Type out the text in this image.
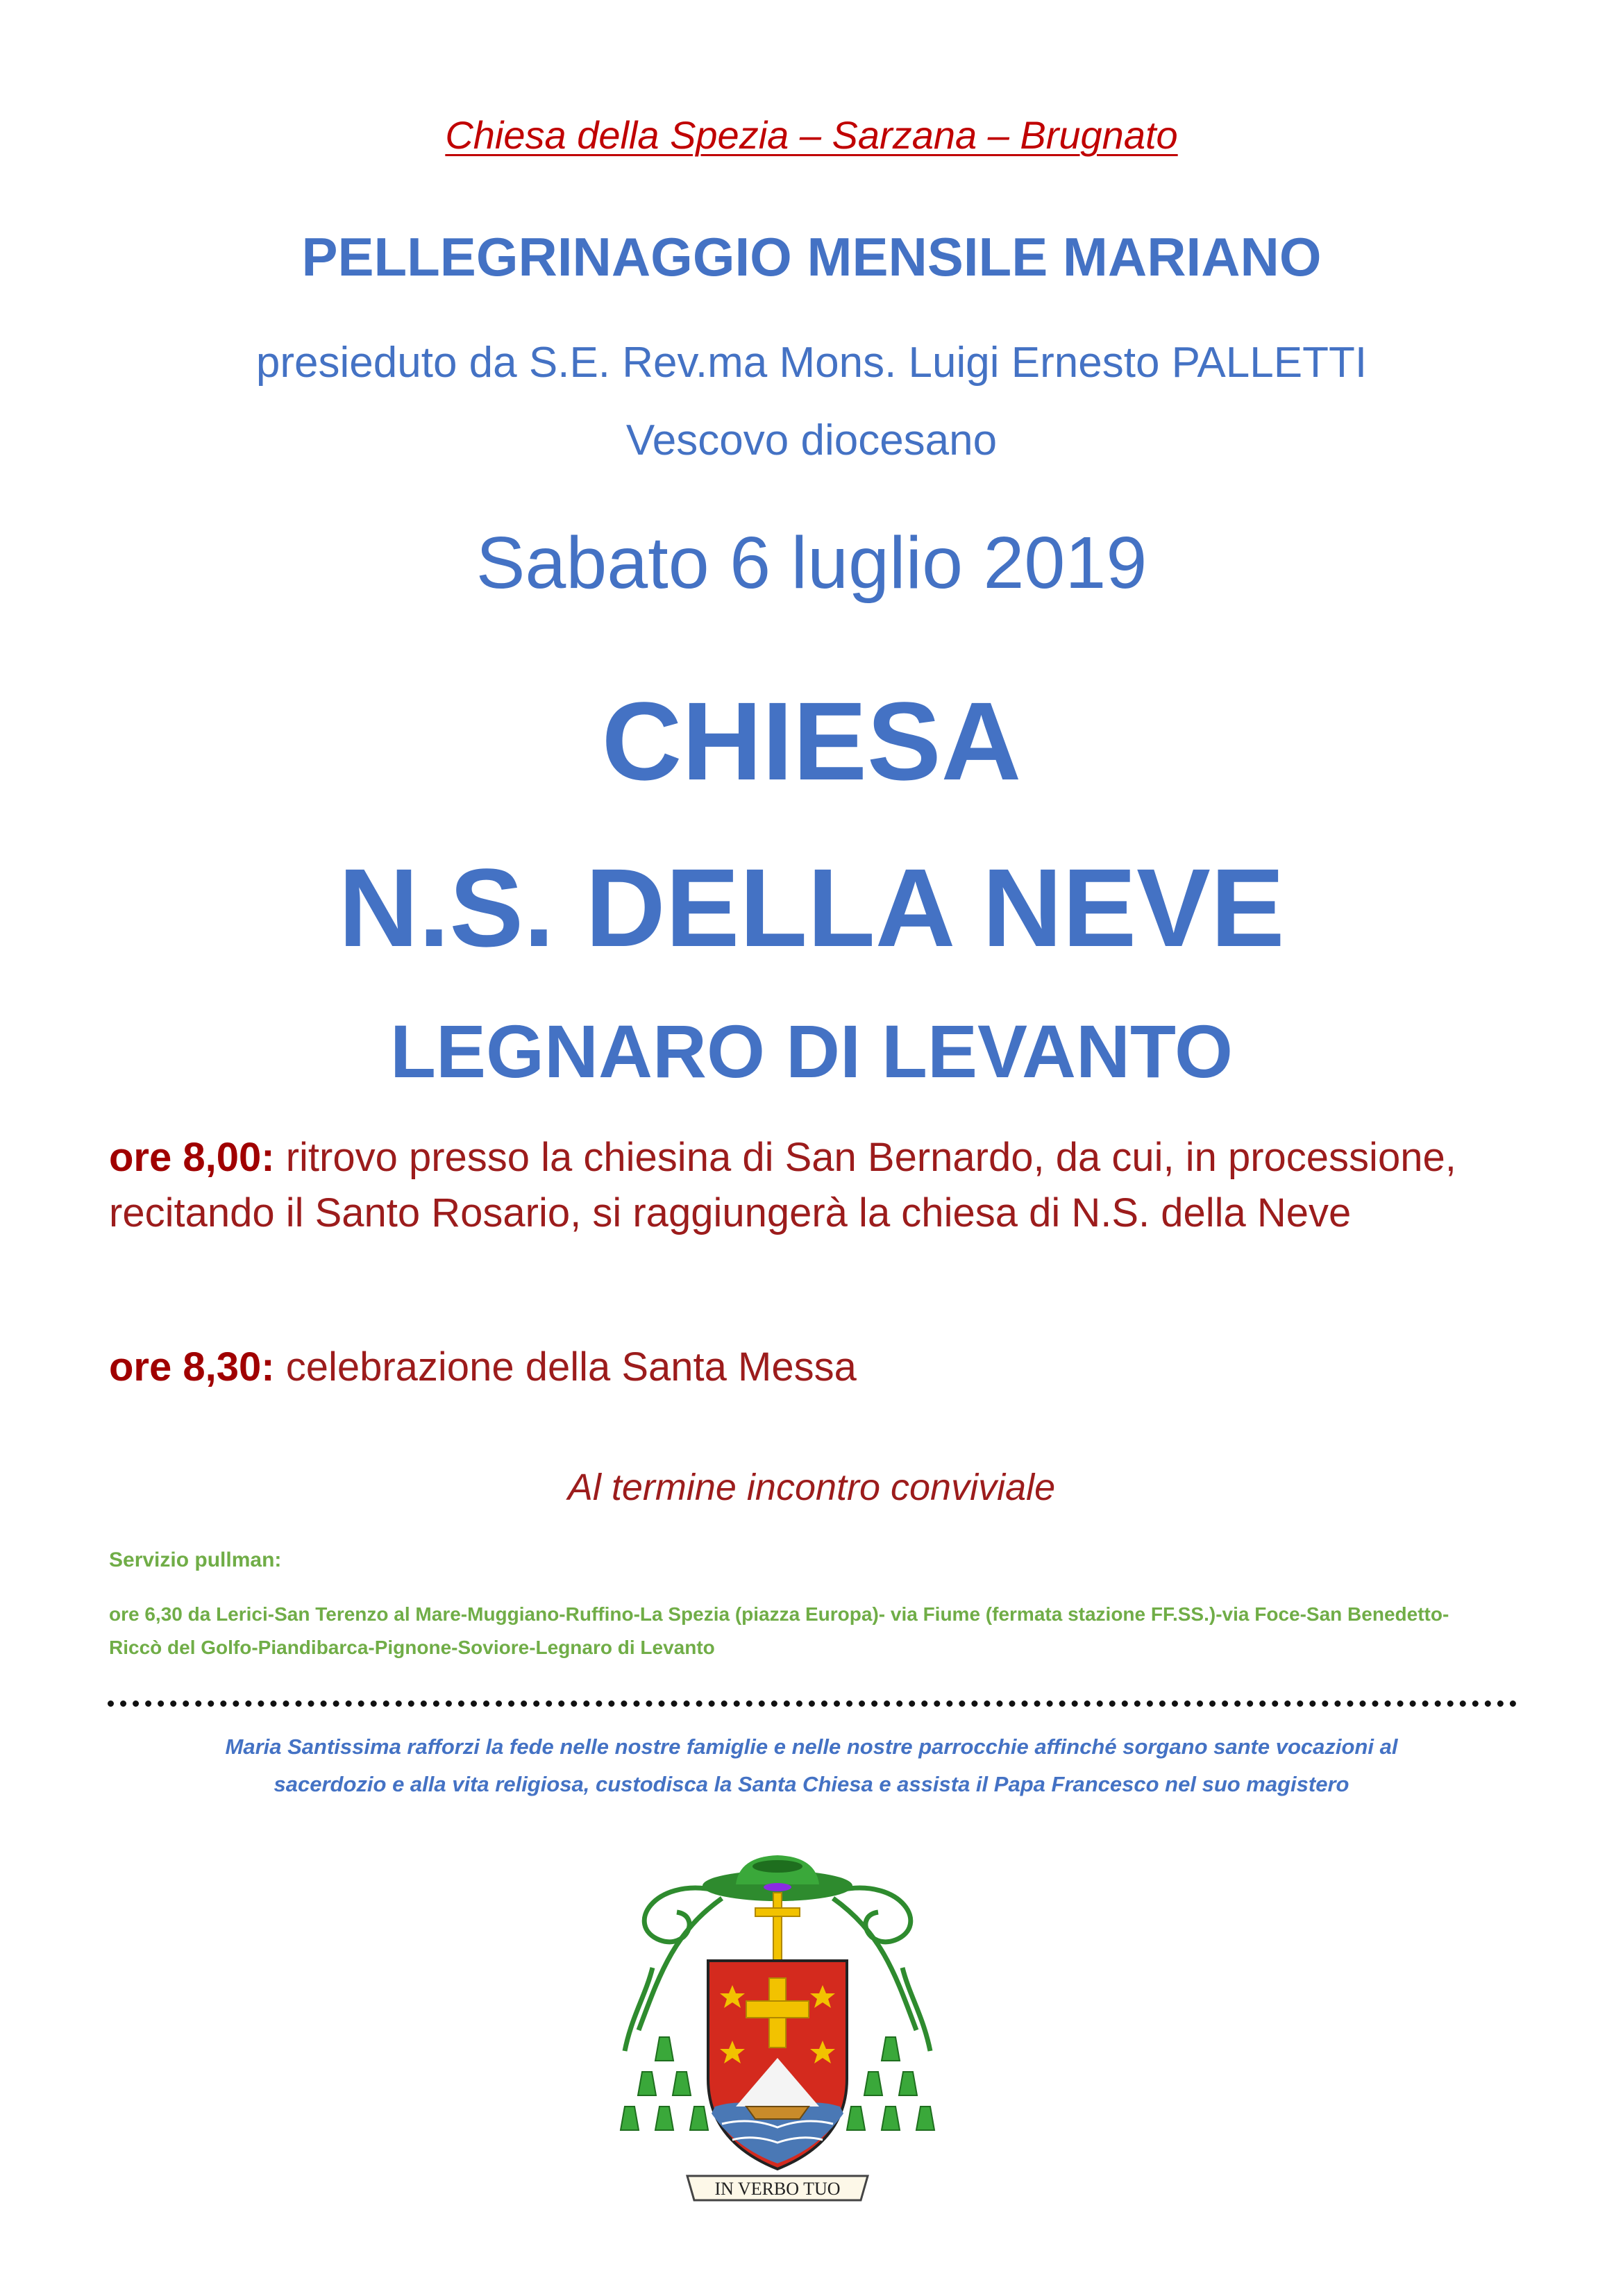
Chiesa della Spezia – Sarzana – Brugnato
PELLEGRINAGGIO MENSILE MARIANO
presieduto da S.E. Rev.ma Mons. Luigi Ernesto PALLETTI
Vescovo diocesano
Sabato 6 luglio 2019
CHIESA
N.S. DELLA NEVE
LEGNARO DI LEVANTO
ore 8,00: ritrovo presso la chiesina di San Bernardo, da cui, in processione,
recitando il Santo Rosario, si raggiungerà la chiesa di N.S. della Neve
ore 8,30: celebrazione della Santa Messa
Al termine incontro conviviale
Servizio pullman:
ore 6,30 da Lerici-San Terenzo al Mare-Muggiano-Ruffino-La Spezia (piazza Europa)- via Fiume (fermata stazione FF.SS.)-via Foce-San Benedetto-
Riccò del Golfo-Piandibarca-Pignone-Soviore-Legnaro di Levanto
Maria Santissima rafforzi la fede nelle nostre famiglie e nelle nostre parrocchie affinché sorgano sante vocazioni al
sacerdozio e alla vita religiosa, custodisca la Santa Chiesa e assista il Papa Francesco nel suo magistero
IN VERBO TUO
